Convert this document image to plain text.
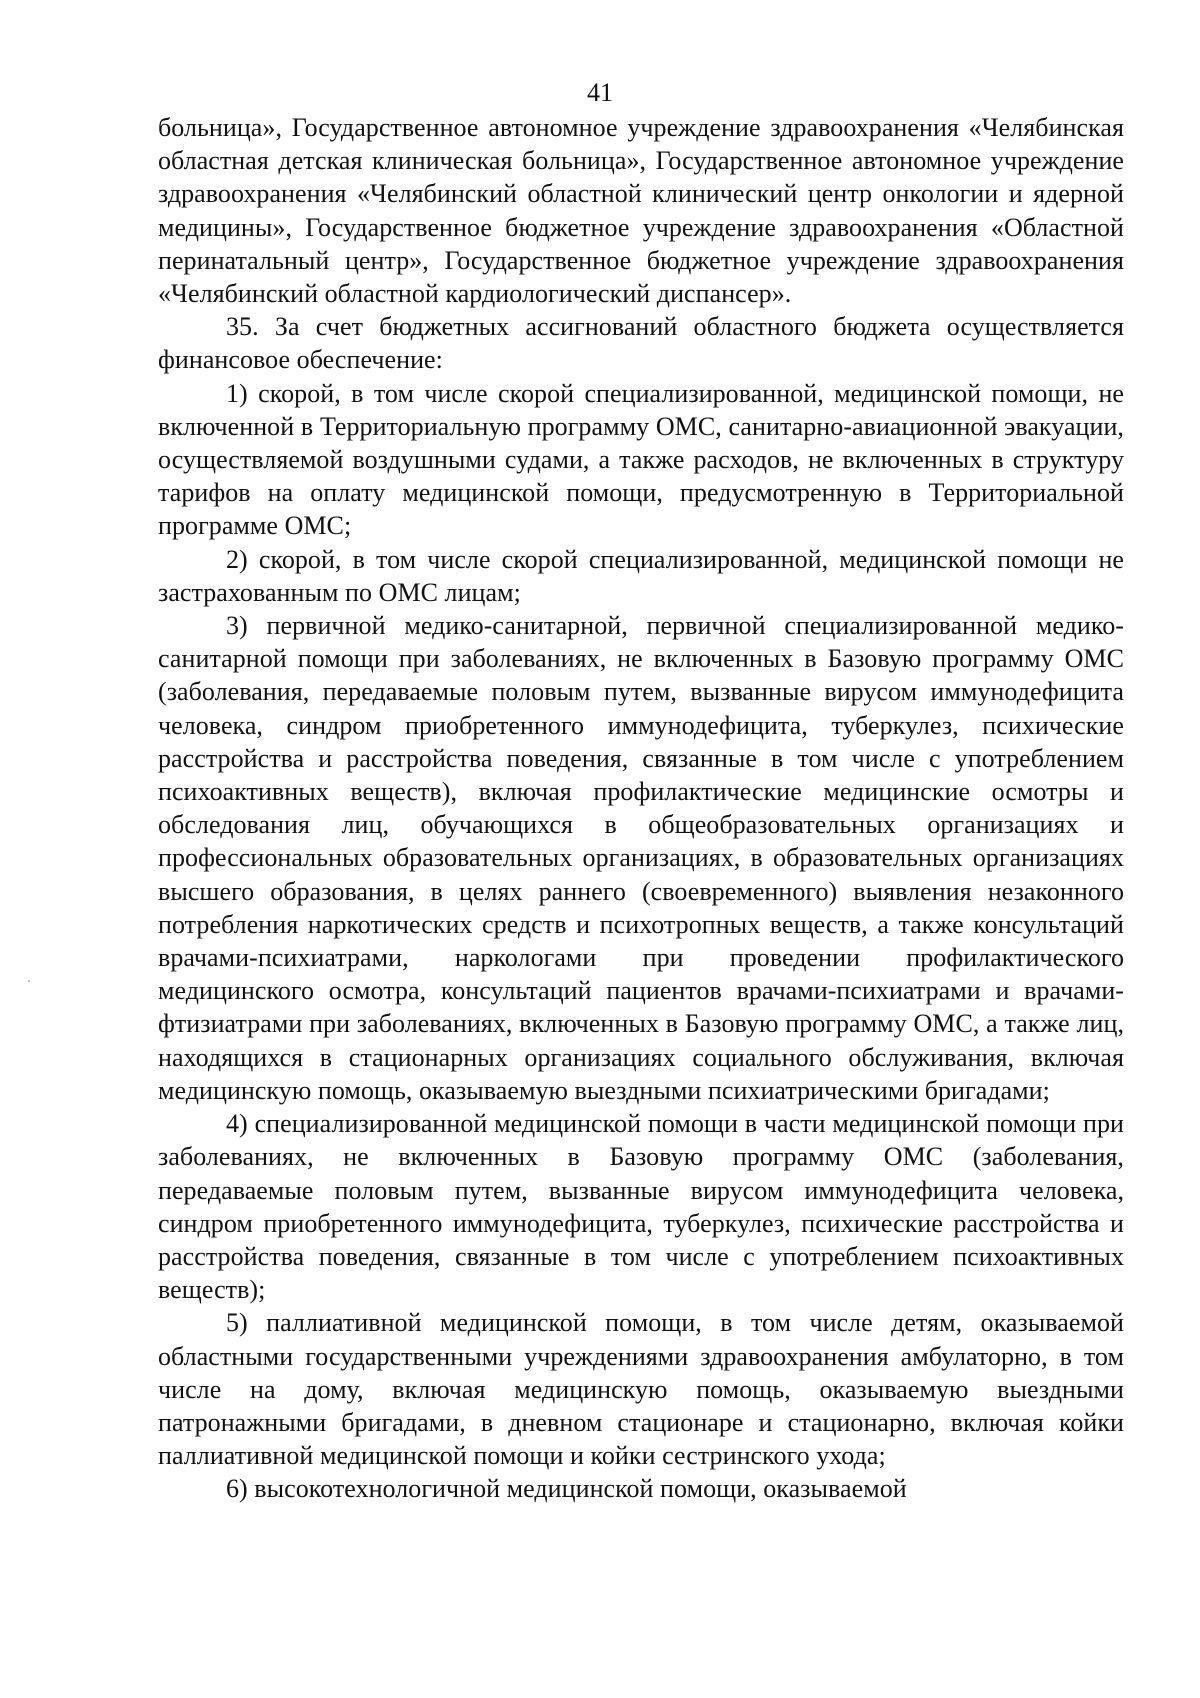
41

больница», Государственное автономное учреждение здравоохранения «Челябинская областная детская клиническая больница», Государственное автономное учреждение здравоохранения «Челябинский областной клинический центр онкологии и ядерной медицины», Государственное бюджетное учреждение здравоохранения «Областной перинатальный центр», Государственное бюджетное учреждение здравоохранения «Челябинский областной кардиологический диспансер».

35. За счет бюджетных ассигнований областного бюджета осуществляется финансовое обеспечение:

1) скорой, в том числе скорой специализированной, медицинской помощи, не включенной в Территориальную программу ОМС, санитарно-авиационной эвакуации, осуществляемой воздушными судами, а также расходов, не включенных в структуру тарифов на оплату медицинской помощи, предусмотренную в Территориальной программе ОМС;

2) скорой, в том числе скорой специализированной, медицинской помощи не застрахованным по ОМС лицам;

3) первичной медико-санитарной, первичной специализированной медико-санитарной помощи при заболеваниях, не включенных в Базовую программу ОМС (заболевания, передаваемые половым путем, вызванные вирусом иммунодефицита человека, синдром приобретенного иммунодефицита, туберкулез, психические расстройства и расстройства поведения, связанные в том числе с употреблением психоактивных веществ), включая профилактические медицинские осмотры и обследования лиц, обучающихся в общеобразовательных организациях и профессиональных образовательных организациях, в образовательных организациях высшего образования, в целях раннего (своевременного) выявления незаконного потребления наркотических средств и психотропных веществ, а также консультаций врачами-психиатрами, наркологами при проведении профилактического медицинского осмотра, консультаций пациентов врачами-психиатрами и врачами-фтизиатрами при заболеваниях, включенных в Базовую программу ОМС, а также лиц, находящихся в стационарных организациях социального обслуживания, включая медицинскую помощь, оказываемую выездными психиатрическими бригадами;

4) специализированной медицинской помощи в части медицинской помощи при заболеваниях, не включенных в Базовую программу ОМС (заболевания, передаваемые половым путем, вызванные вирусом иммунодефицита человека, синдром приобретенного иммунодефицита, туберкулез, психические расстройства и расстройства поведения, связанные в том числе с употреблением психоактивных веществ);

5) паллиативной медицинской помощи, в том числе детям, оказываемой областными государственными учреждениями здравоохранения амбулаторно, в том числе на дому, включая медицинскую помощь, оказываемую выездными патронажными бригадами, в дневном стационаре и стационарно, включая койки паллиативной медицинской помощи и койки сестринского ухода;

6) высокотехнологичной медицинской помощи, оказываемой
